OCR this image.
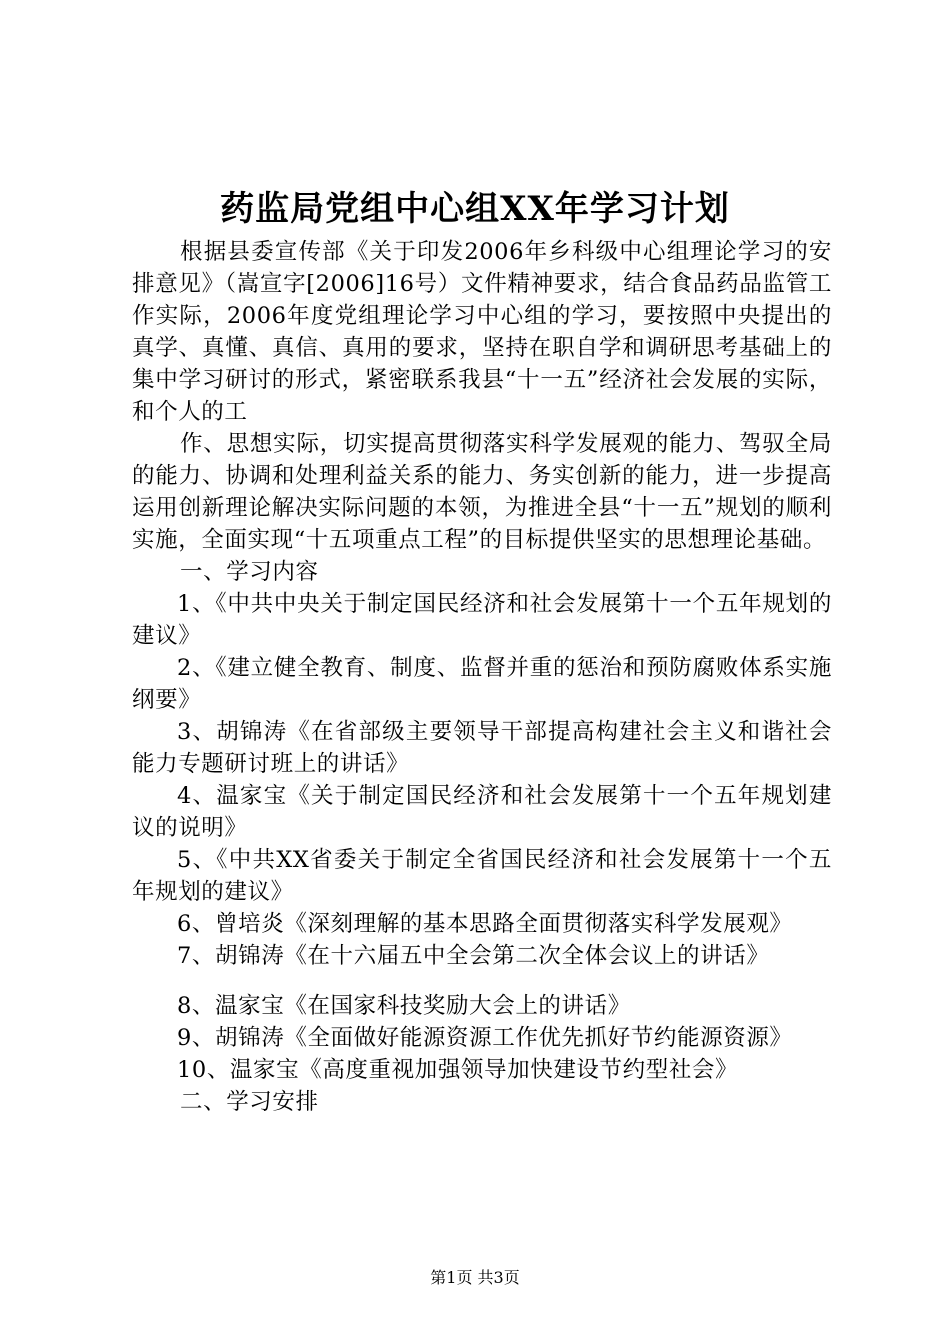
药监局党组中心组XX年学习计划

根据县委宣传部《关于印发2006年乡科级中心组理论学习的安排意见》（嵩宣字[2006]16号）文件精神要求，结合食品药品监管工作实际，2006年度党组理论学习中心组的学习，要按照中央提出的真学、真懂、真信、真用的要求，坚持在职自学和调研思考基础上的集中学习研讨的形式，紧密联系我县“十一五”经济社会发展的实际，和个人的工

作、思想实际，切实提高贯彻落实科学发展观的能力、驾驭全局的能力、协调和处理利益关系的能力、务实创新的能力，进一步提高运用创新理论解决实际问题的本领，为推进全县“十一五”规划的顺利实施，全面实现“十五项重点工程”的目标提供坚实的思想理论基础。

一、学习内容

1、《中共中央关于制定国民经济和社会发展第十一个五年规划的建议》

2、《建立健全教育、制度、监督并重的惩治和预防腐败体系实施纲要》

3、胡锦涛《在省部级主要领导干部提高构建社会主义和谐社会能力专题研讨班上的讲话》

4、温家宝《关于制定国民经济和社会发展第十一个五年规划建议的说明》

5、《中共XX省委关于制定全省国民经济和社会发展第十一个五年规划的建议》

6、曾培炎《深刻理解的基本思路全面贯彻落实科学发展观》

7、胡锦涛《在十六届五中全会第二次全体会议上的讲话》

8、温家宝《在国家科技奖励大会上的讲话》

9、胡锦涛《全面做好能源资源工作优先抓好节约能源资源》

10、温家宝《高度重视加强领导加快建设节约型社会》

二、学习安排

第1页 共3页
